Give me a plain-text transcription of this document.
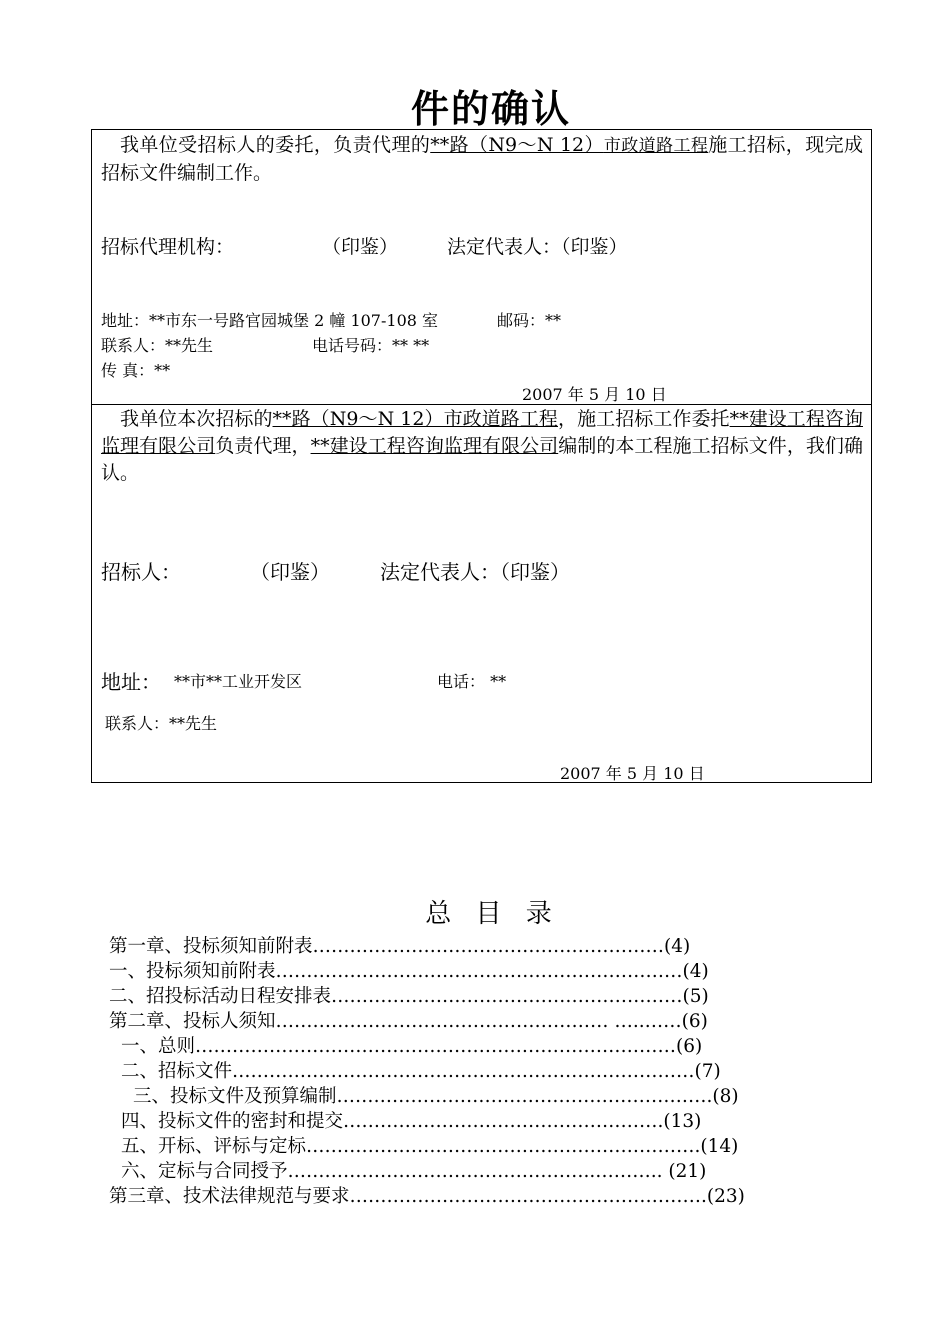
件的确认
我单位受招标人的委托，负责代理的**路（N9～N 12）市政道路工程施工招标，现完成招标文件编制工作。
招标代理机构：	（印鉴）	法定代表人：（印鉴）
地址：**市东一号路官园城堡 2 幢 107-108 室	邮码：**
联系人：**先生	电话号码：** **
传 真：**
2007 年 5 月 10 日
我单位本次招标的**路（N9～N 12）市政道路工程，施工招标工作委托**建设工程咨询监理有限公司负责代理，**建设工程咨询监理有限公司编制的本工程施工招标文件，我们确认。
招标人：	（印鉴）	法定代表人：（印鉴）
地址： **市**工业开发区	电话： **
联系人：**先生
2007 年 5 月 10 日
总 目 录
第一章、投标须知前附表…………………………………………………(4)
一、投标须知前附表…………………………………………………………(4)
二、招投标活动日程安排表…………………………………………………(5)
第二章、投标人须知……………………………………………… …..……(6)
一、总则……………………………………………………………………(6)
二、招标文件…………………………………………………………………(7)
三、投标文件及预算编制…………………………………………………….(8)
四、投标文件的密封和提交…………………………………………….(13)
五、开标、评标与定标……………………………………………………….(14)
六、定标与合同授予…………………………………………..……….. (21)
第三章、技术法律规范与要求………………………………………………….(23)
